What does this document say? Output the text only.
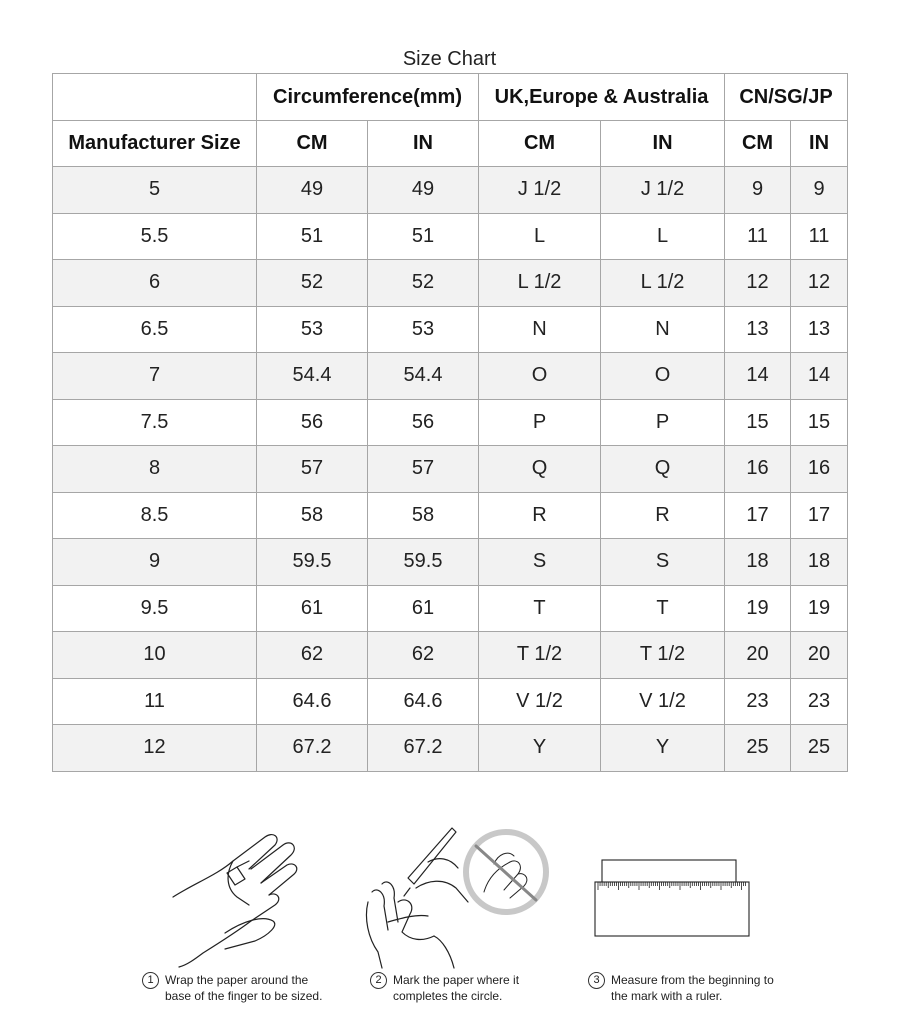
Size Chart
	Circumference(mm)		UK,Europe & Australia		CN/SG/JP	
Manufacturer Size	CM	IN	CM	IN	CM	IN
5	49	49	J 1/2	J 1/2	9	9
5.5	51	51	L	L	11	11
6	52	52	L 1/2	L 1/2	12	12
6.5	53	53	N	N	13	13
7	54.4	54.4	O	O	14	14
7.5	56	56	P	P	15	15
8	57	57	Q	Q	16	16
8.5	58	58	R	R	17	17
9	59.5	59.5	S	S	18	18
9.5	61	61	T	T	19	19
10	62	62	T 1/2	T 1/2	20	20
11	64.6	64.6	V 1/2	V 1/2	23	23
12	67.2	67.2	Y	Y	25	25
1 Wrap the paper around the base of the finger to be sized.
2 Mark the paper where it completes the circle.
3 Measure from the beginning to the mark with a ruler.
